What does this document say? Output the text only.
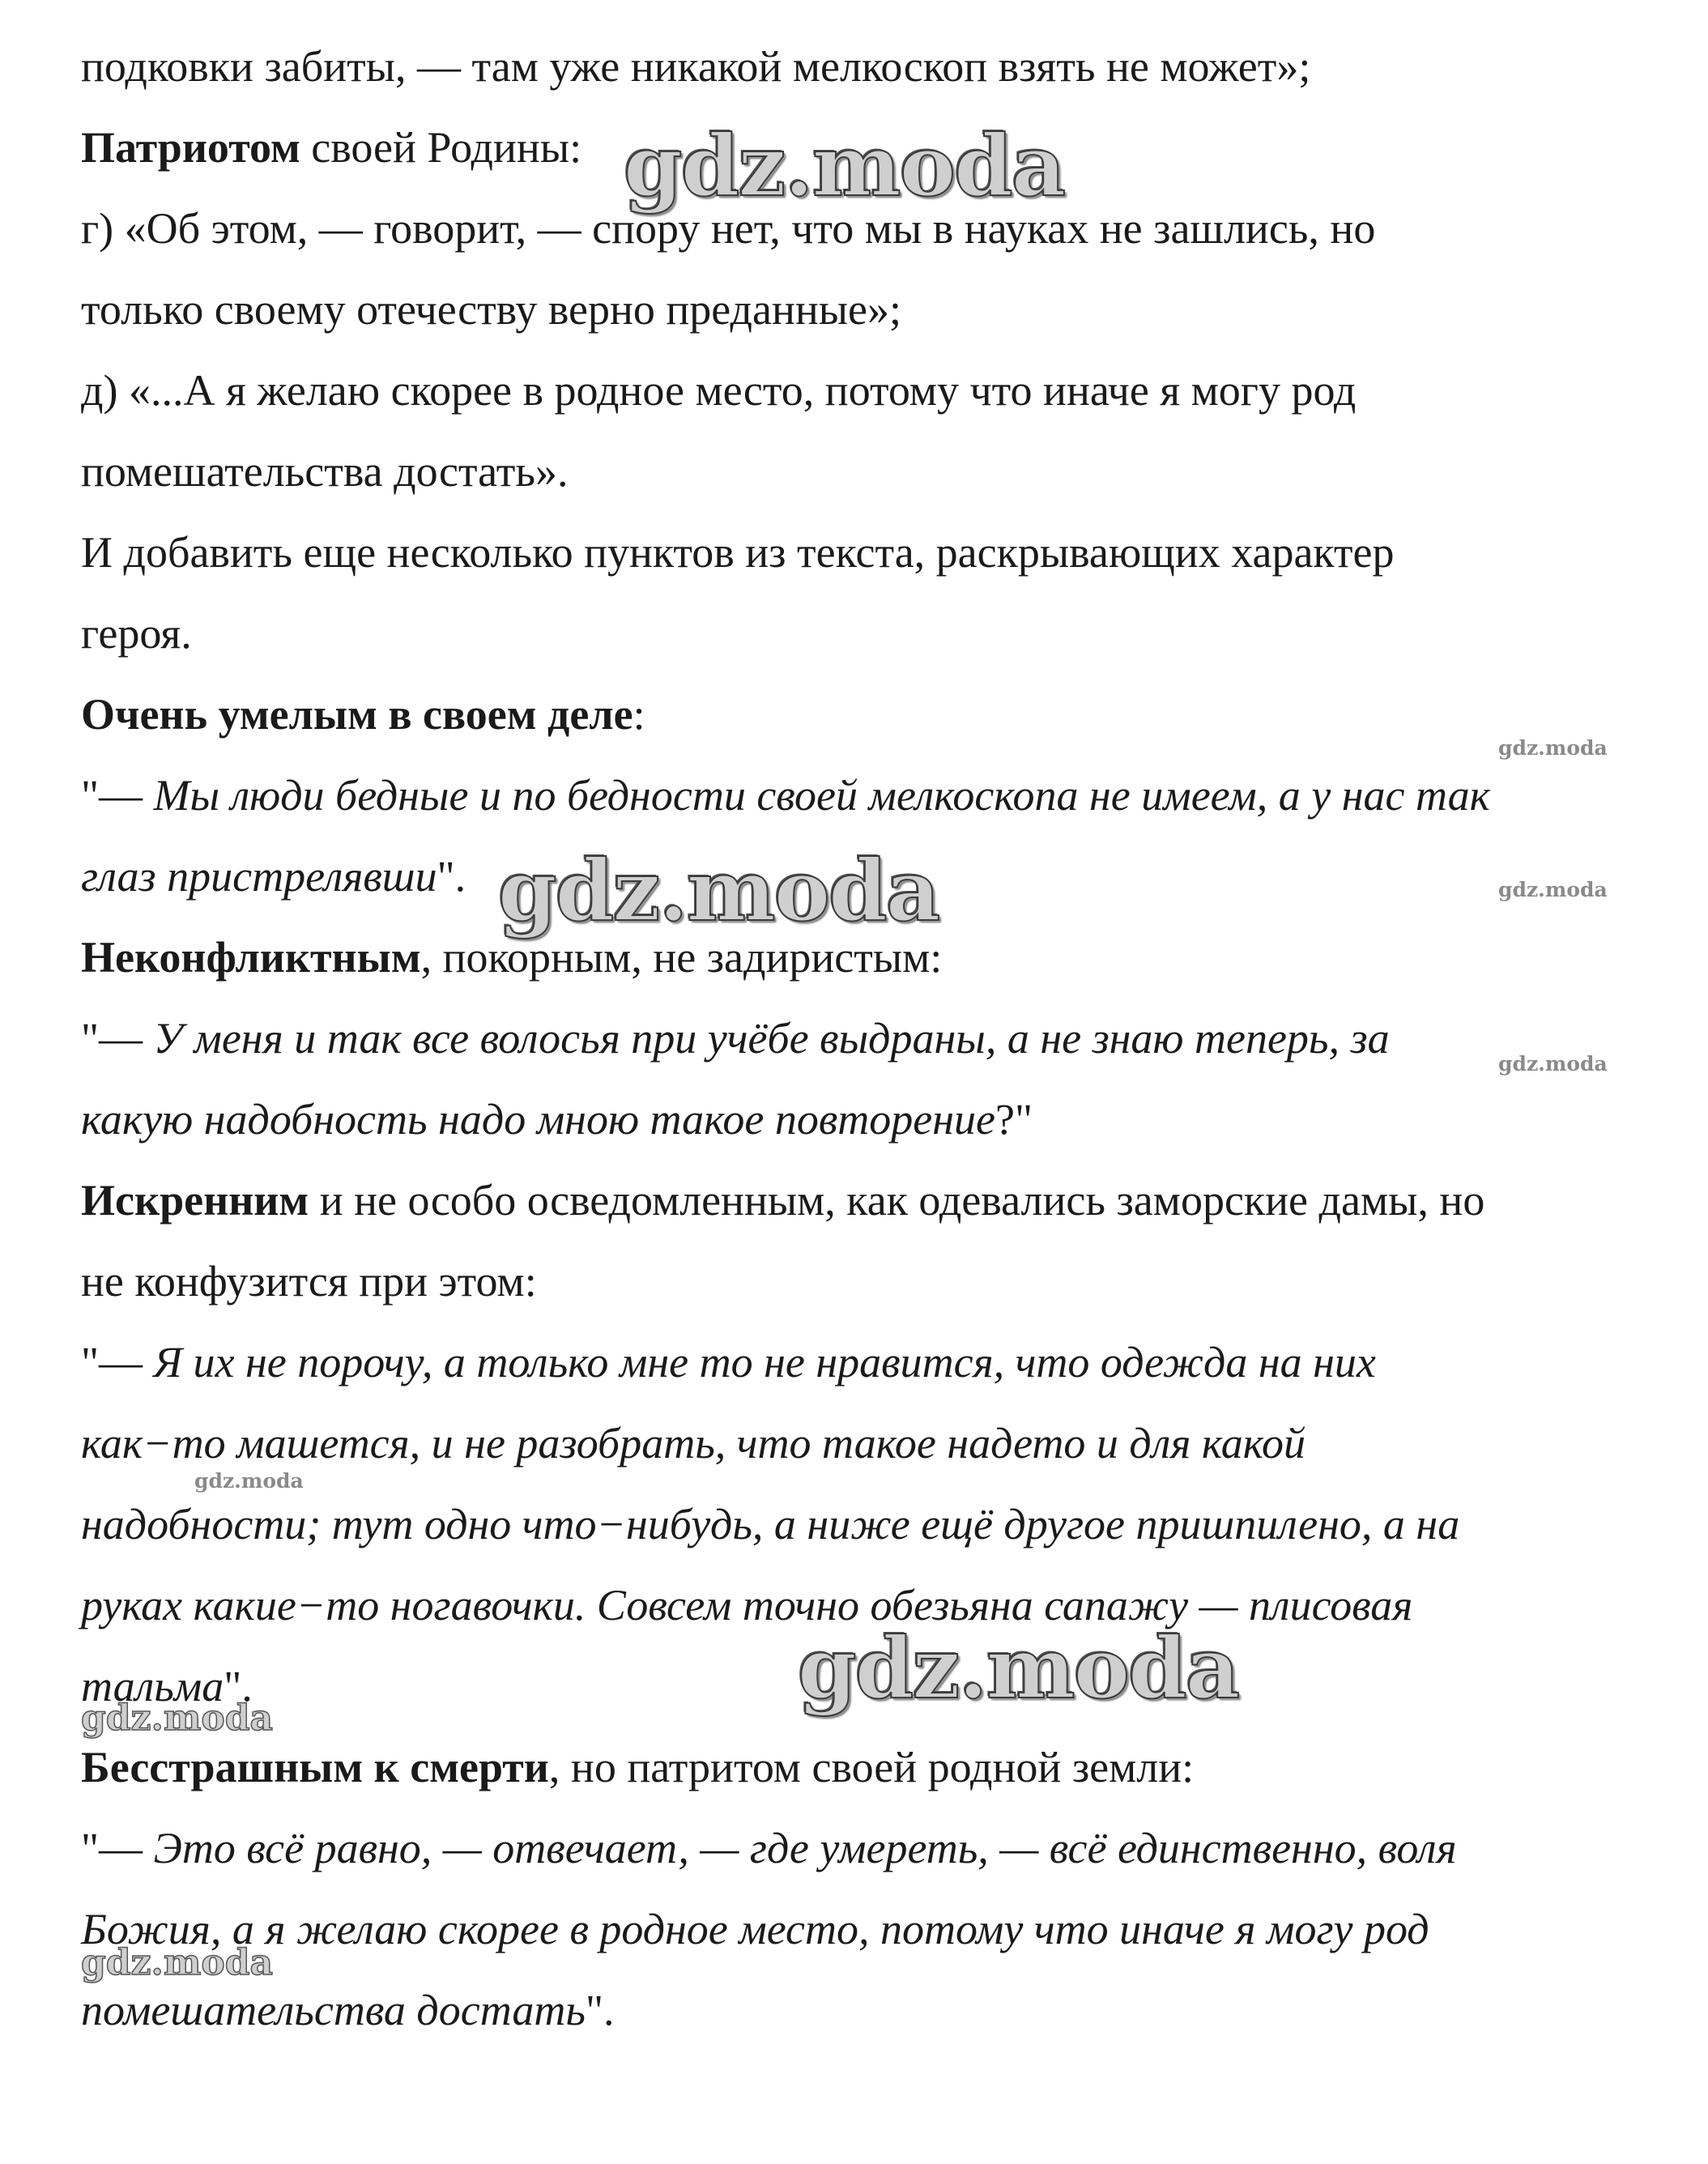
подковки забиты, — там уже никакой мелкоскоп взять не может»;
Патриотом своей Родины:
г) «Об этом, — говорит, — спору нет, что мы в науках не зашлись, но
только своему отечеству верно преданные»;
д) «...А я желаю скорее в родное место, потому что иначе я могу род
помешательства достать».
И добавить еще несколько пунктов из текста, раскрывающих характер
героя.
Очень умелым в своем деле:
"— Мы люди бедные и по бедности своей мелкоскопа не имеем, а у нас так
глаз пристрелявши".
Неконфликтным, покорным, не задиристым:
"— У меня и так все волосья при учёбе выдраны, а не знаю теперь, за
какую надобность надо мною такое повторение?"
Искренним и не особо осведомленным, как одевались заморские дамы, но
не конфузится при этом:
"— Я их не порочу, а только мне то не нравится, что одежда на них
как−то машется, и не разобрать, что такое надето и для какой
надобности; тут одно что−нибудь, а ниже ещё другое пришпилено, а на
руках какие−то ногавочки. Совсем точно обезьяна сапажу — плисовая
тальма".
Бесстрашным к смерти, но патритом своей родной земли:
"— Это всё равно, — отвечает, — где умереть, — всё единственно, воля
Божия, а я желаю скорее в родное место, потому что иначе я могу род
помешательства достать".
gdz.moda
gdz.moda
gdz.moda
gdz.moda
gdz.moda
gdz.moda
gdz.moda
gdz.moda
gdz.moda
